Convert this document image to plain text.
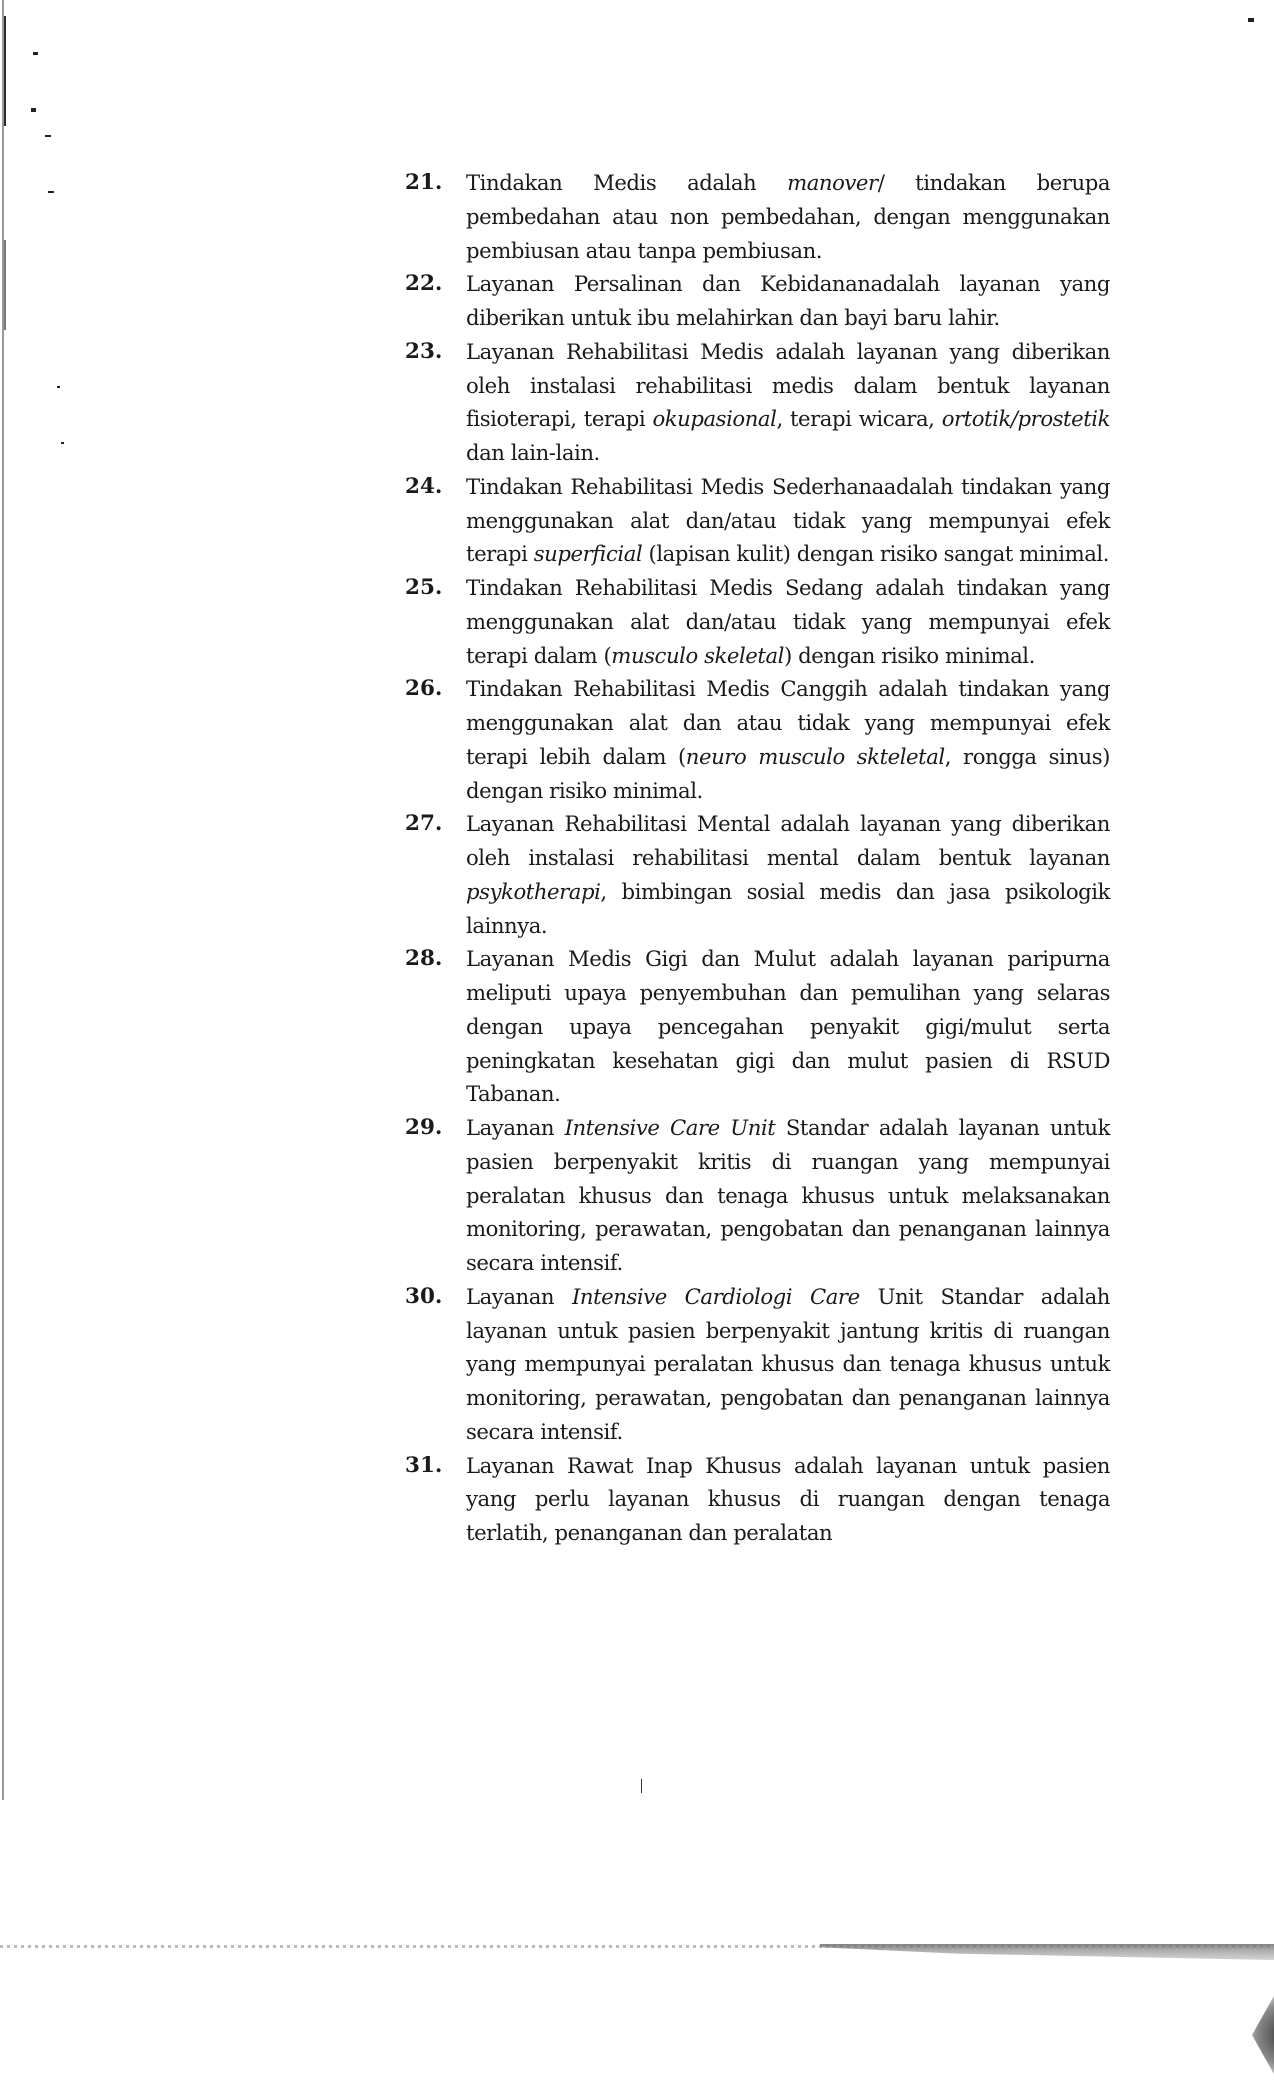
21.	Tindakan Medis adalah manover/ tindakan berupa pembedahan atau non pembedahan, dengan menggunakan pembiusan atau tanpa pembiusan.
22.	Layanan Persalinan dan Kebidananadalah layanan yang diberikan untuk ibu melahirkan dan bayi baru lahir.
23.	Layanan Rehabilitasi Medis adalah layanan yang diberikan oleh instalasi rehabilitasi medis dalam bentuk layanan fisioterapi, terapi okupasional, terapi wicara, ortotik/prostetik dan lain-lain.
24.	Tindakan Rehabilitasi Medis Sederhanaadalah tindakan yang menggunakan alat dan/atau tidak yang mempunyai efek terapi superficial (lapisan kulit) dengan risiko sangat minimal.
25.	Tindakan Rehabilitasi Medis Sedang adalah tindakan yang menggunakan alat dan/atau tidak yang mempunyai efek terapi dalam (musculo skeletal) dengan risiko minimal.
26.	Tindakan Rehabilitasi Medis Canggih adalah tindakan yang menggunakan alat dan atau tidak yang mempunyai efek terapi lebih dalam (neuro musculo skteletal, rongga sinus) dengan risiko minimal.
27.	Layanan Rehabilitasi Mental adalah layanan yang diberikan oleh instalasi rehabilitasi mental dalam bentuk layanan psykotherapi, bimbingan sosial medis dan jasa psikologik lainnya.
28.	Layanan Medis Gigi dan Mulut adalah layanan paripurna meliputi upaya penyembuhan dan pemulihan yang selaras dengan upaya pencegahan penyakit gigi/mulut serta peningkatan kesehatan gigi dan mulut pasien di RSUD Tabanan.
29.	Layanan Intensive Care Unit Standar adalah layanan untuk pasien berpenyakit kritis di ruangan yang mempunyai peralatan khusus dan tenaga khusus untuk melaksanakan monitoring, perawatan, pengobatan dan penanganan lainnya secara intensif.
30.	Layanan Intensive Cardiologi Care Unit Standar adalah layanan untuk pasien berpenyakit jantung kritis di ruangan yang mempunyai peralatan khusus dan tenaga khusus untuk monitoring, perawatan, pengobatan dan penanganan lainnya secara intensif.
31.	Layanan Rawat Inap Khusus adalah layanan untuk pasien yang perlu layanan khusus di ruangan dengan tenaga terlatih, penanganan dan peralatan
